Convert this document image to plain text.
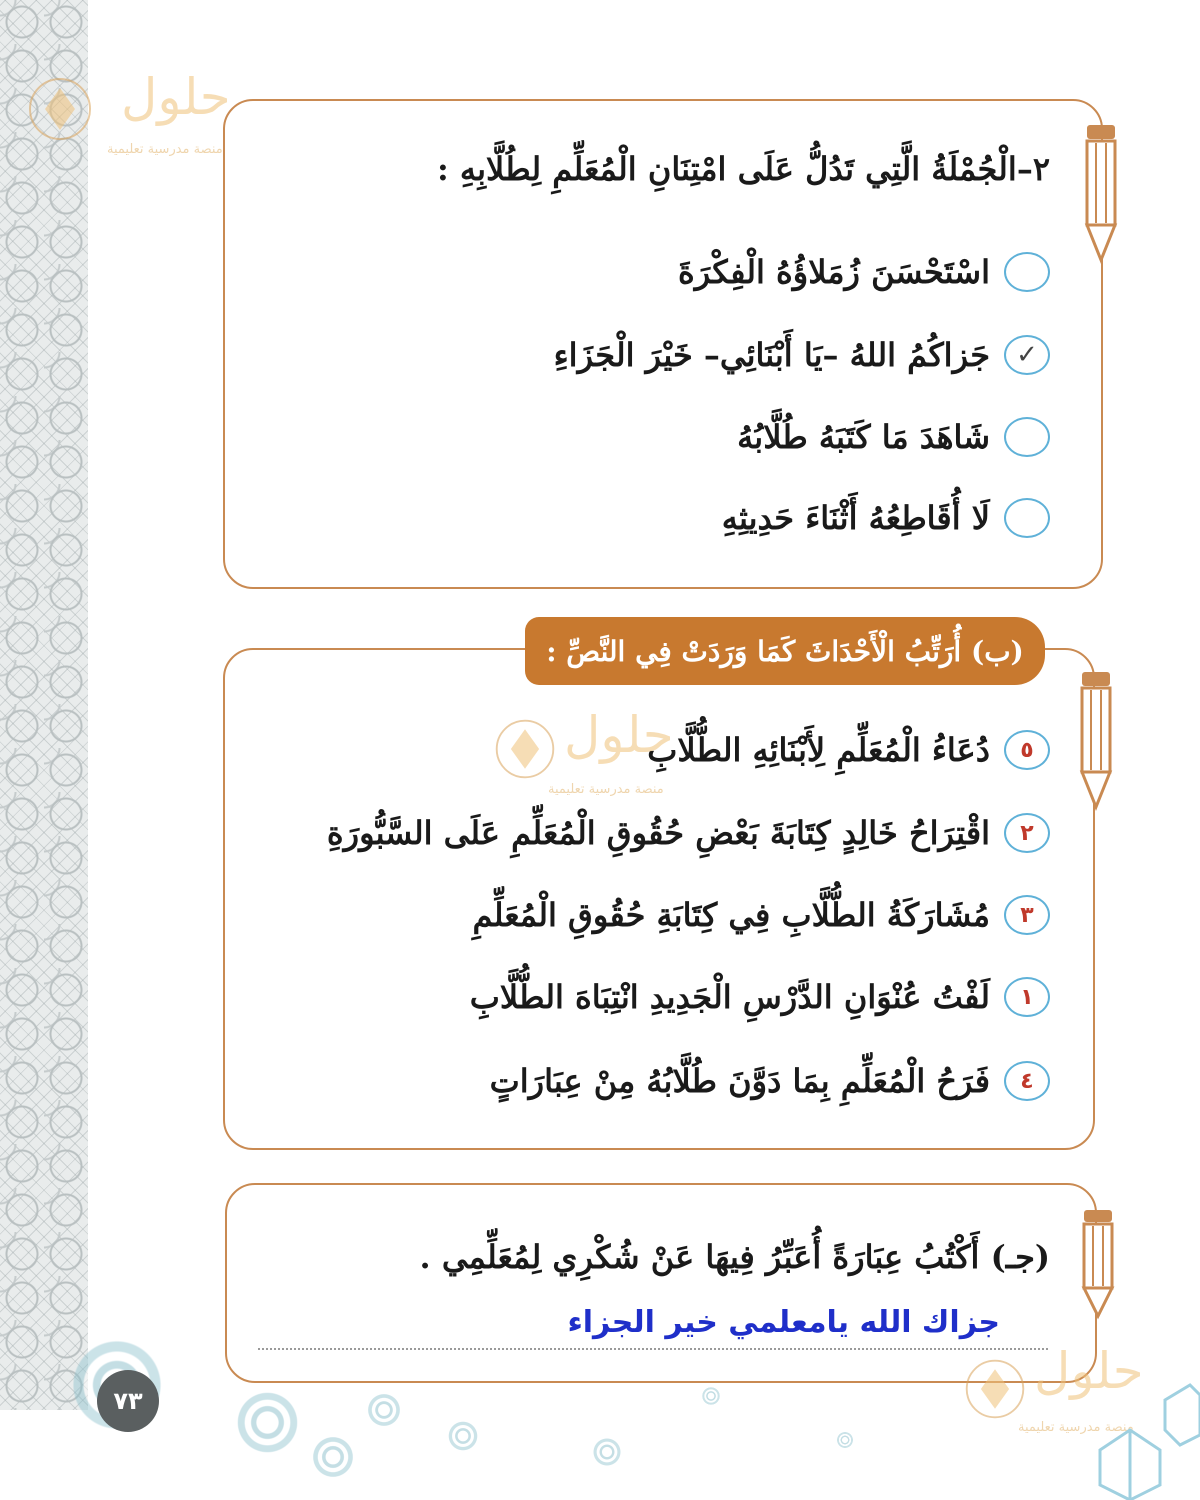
٢–الْجُمْلَةُ الَّتِي تَدُلُّ عَلَى امْتِنَانِ الْمُعَلِّمِ لِطُلَّابِهِ :
اسْتَحْسَنَ زُمَلاؤُهُ الْفِكْرَةَ
✓
جَزاكُمُ اللهُ –يَا أَبْنَائِي– خَيْرَ الْجَزَاءِ
شَاهَدَ مَا كَتَبَهُ طُلَّابُهُ
لَا أُقَاطِعُهُ أَثْنَاءَ حَدِيثِهِ
(ب) أُرَتِّبُ الْأَحْدَاثَ كَمَا وَرَدَتْ فِي النَّصِّ :
٥
دُعَاءُ الْمُعَلِّمِ لِأَبْنَائِهِ الطُّلَّابِ
٢
اقْتِرَاحُ خَالِدٍ كِتَابَةَ بَعْضِ حُقُوقِ الْمُعَلِّمِ عَلَى السَّبُّورَةِ
٣
مُشَارَكَةُ الطُّلَّابِ فِي كِتَابَةِ حُقُوقِ الْمُعَلِّمِ
١
لَفْتُ عُنْوَانِ الدَّرْسِ الْجَدِيدِ انْتِبَاهَ الطُّلَّابِ
٤
فَرَحُ الْمُعَلِّمِ بِمَا دَوَّنَ طُلَّابُهُ مِنْ عِبَارَاتٍ
(جـ) أَكْتُبُ عِبَارَةً أُعَبِّرُ فِيهَا عَنْ شُكْرِي لِمُعَلِّمِي .
جزاك الله يامعلمي خير الجزاء
حلول
منصة مدرسية تعليمية
حلول
منصة مدرسية تعليمية
حلول
منصة مدرسية تعليمية
٧٣
